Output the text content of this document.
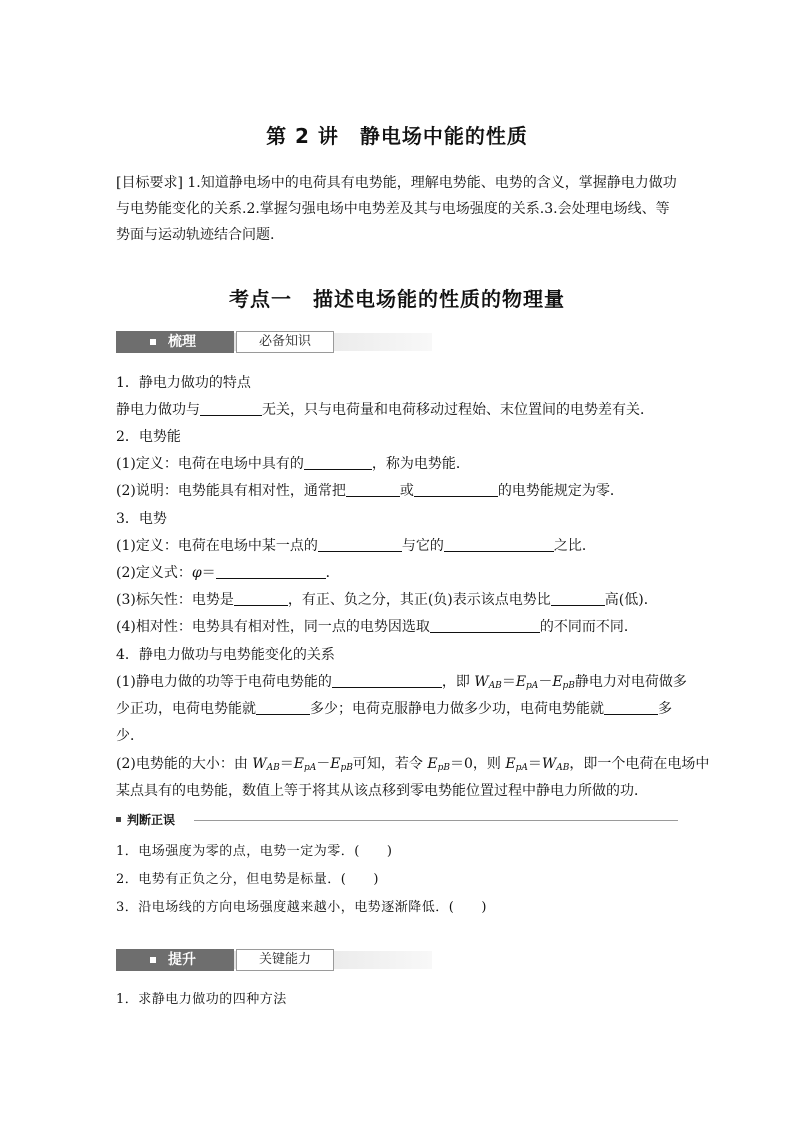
第 2 讲　静电场中能的性质
[目标要求] 1.知道静电场中的电荷具有电势能，理解电势能、电势的含义，掌握静电力做功与电势能变化的关系.2.掌握匀强电场中电势差及其与电场强度的关系.3.会处理电场线、等势面与运动轨迹结合问题.
考点一　描述电场能的性质的物理量
梳理	必备知识
1．静电力做功的特点
静电力做功与	无关，只与电荷量和电荷移动过程始、末位置间的电势差有关．
2．电势能
(1)定义：电荷在电场中具有的	，称为电势能．
(2)说明：电势能具有相对性，通常把	或	的电势能规定为零．
3．电势
(1)定义：电荷在电场中某一点的	与它的	之比．
(2)定义式：φ＝	．
(3)标矢性：电势是	，有正、负之分，其正(负)表示该点电势比	高(低)．
(4)相对性：电势具有相对性，同一点的电势因选取	的不同而不同．
4．静电力做功与电势能变化的关系
(1)静电力做的功等于电荷电势能的	，即 $W_{AB}=E_{pA}-E_{pB}$静电力对电荷做多
少正功，电荷电势能就	多少；电荷克服静电力做多少功，电荷电势能就	多
少．
(2)电势能的大小：由 $W_{AB}=E_{pA}-E_{pB}$可知，若令 $E_{pB}=0$，则 $E_{pA}=W_{AB}$，即一个电荷在电场中
某点具有的电势能，数值上等于将其从该点移到零电势能位置过程中静电力所做的功．
判断正误
1．电场强度为零的点，电势一定为零．(　　)
2．电势有正负之分，但电势是标量．(　　)
3．沿电场线的方向电场强度越来越小，电势逐渐降低．(　　)
提升	关键能力
1．求静电力做功的四种方法
